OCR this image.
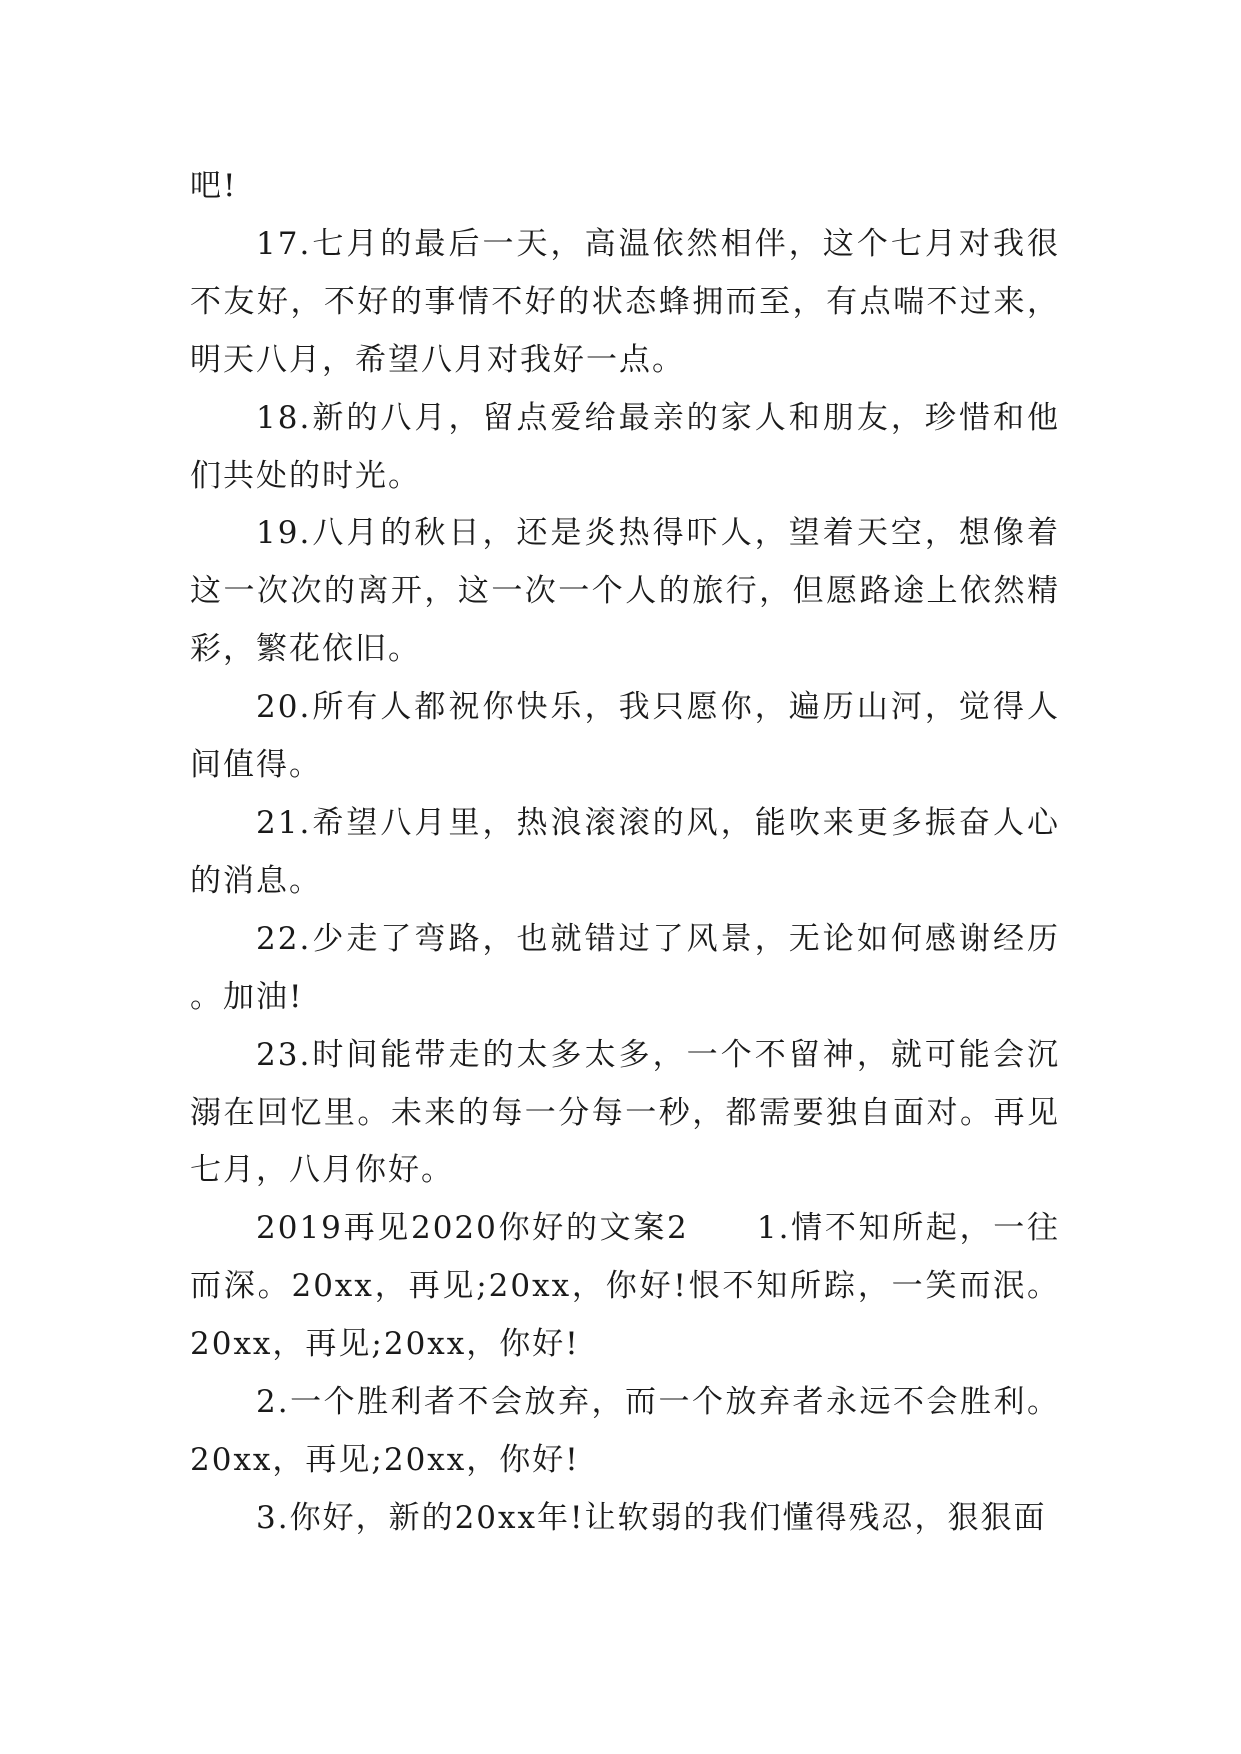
吧!

17.七月的最后一天，高温依然相伴，这个七月对我很不友好，不好的事情不好的状态蜂拥而至，有点喘不过来，明天八月，希望八月对我好一点。

18.新的八月，留点爱给最亲的家人和朋友，珍惜和他们共处的时光。

19.八月的秋日，还是炎热得吓人，望着天空，想像着这一次次的离开，这一次一个人的旅行，但愿路途上依然精彩，繁花依旧。

20.所有人都祝你快乐，我只愿你，遍历山河，觉得人间值得。

21.希望八月里，热浪滚滚的风，能吹来更多振奋人心的消息。

22.少走了弯路，也就错过了风景，无论如何感谢经历。加油!

23.时间能带走的太多太多，一个不留神，就可能会沉溺在回忆里。未来的每一分每一秒，都需要独自面对。再见七月，八月你好。

2019再见2020你好的文案2　　1.情不知所起，一往而深。20xx，再见;20xx，你好!恨不知所踪，一笑而泯。20xx，再见;20xx，你好!

2.一个胜利者不会放弃，而一个放弃者永远不会胜利。20xx，再见;20xx，你好!

3.你好，新的20xx年!让软弱的我们懂得残忍，狠狠面
